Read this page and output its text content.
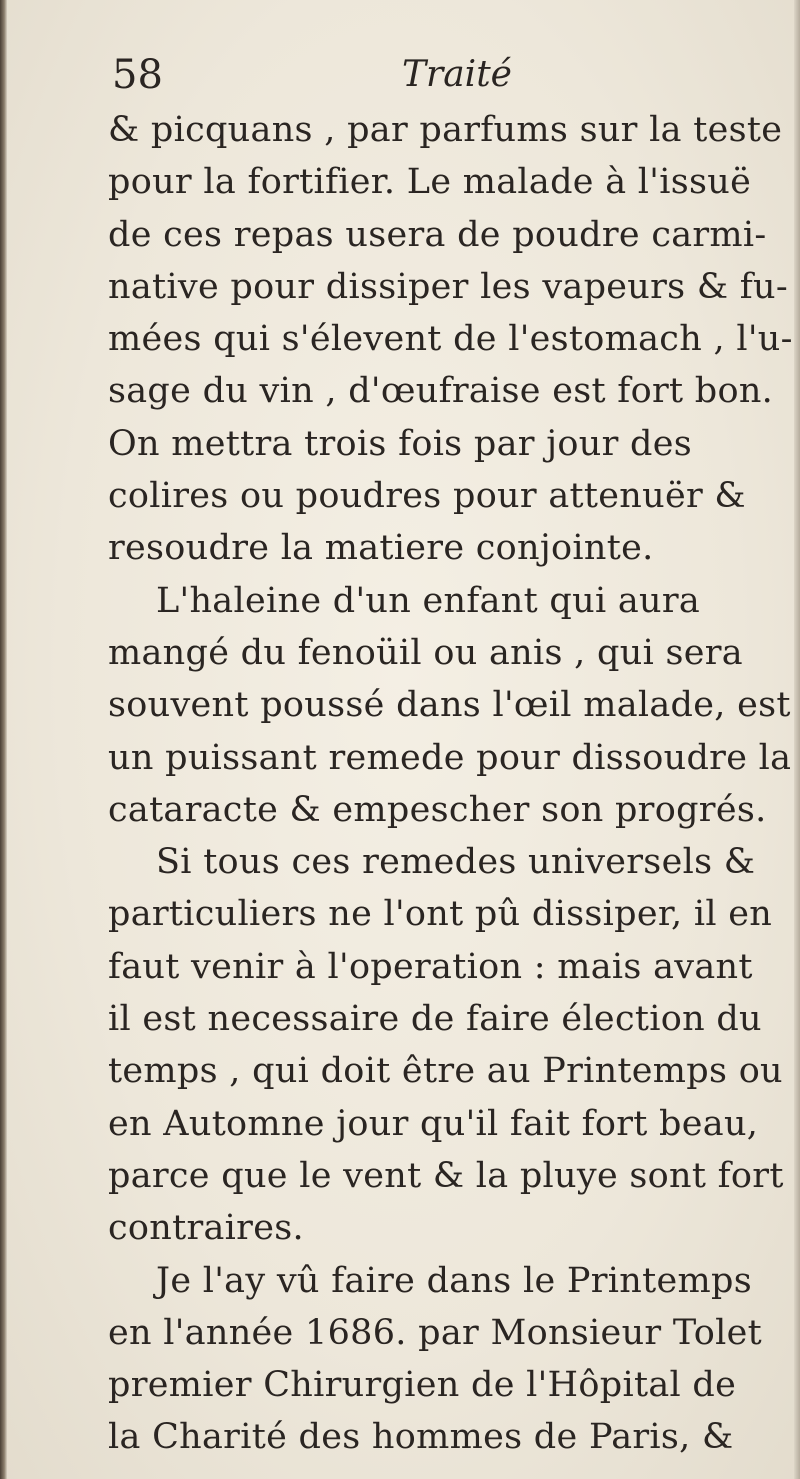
58	Traité
& picquans , par parfums sur la teste
pour la fortifier. Le malade à l'issuë
de ces repas usera de poudre carmi-
native pour dissiper les vapeurs & fu-
mées qui s'élevent de l'estomach , l'u-
sage du vin , d'œufraise est fort bon.
On mettra trois fois par jour des
colires ou poudres pour attenuër &
resoudre la matiere conjointe.
L'haleine d'un enfant qui aura
mangé du fenoüil ou anis , qui sera
souvent poussé dans l'œil malade, est
un puissant remede pour dissoudre la
cataracte & empescher son progrés.
Si tous ces remedes universels &
particuliers ne l'ont pû dissiper, il en
faut venir à l'operation : mais avant
il est necessaire de faire élection du
temps , qui doit être au Printemps ou
en Automne jour qu'il fait fort beau,
parce que le vent & la pluye sont fort
contraires.
Je l'ay vû faire dans le Printemps
en l'année 1686. par Monsieur Tolet
premier Chirurgien de l'Hôpital de
la Charité des hommes de Paris, &
